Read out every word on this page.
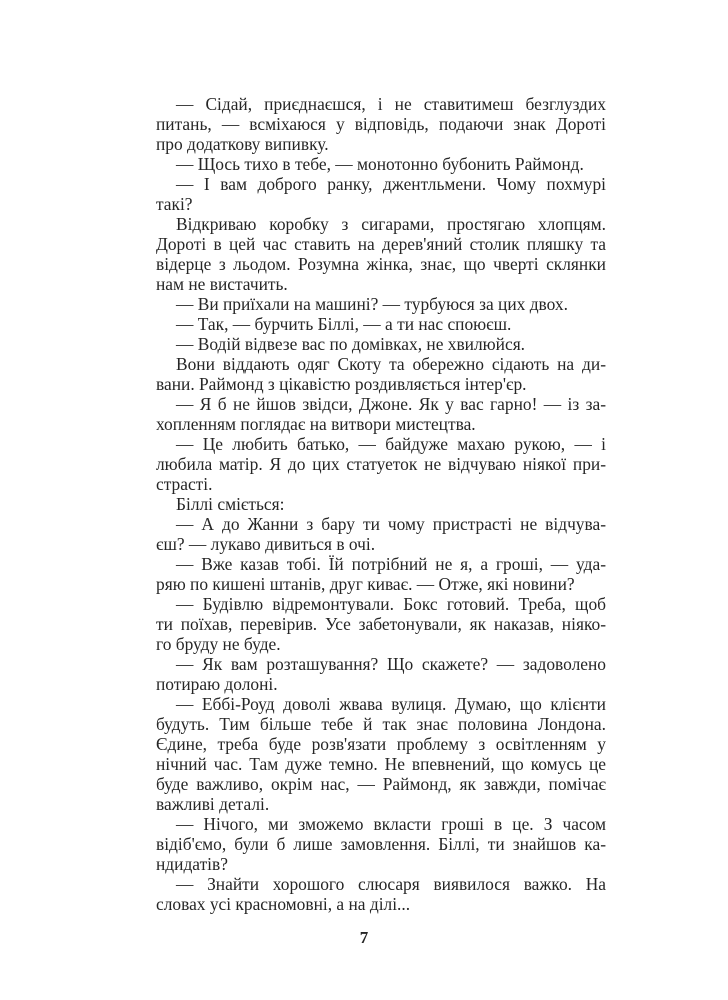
— Сідай, приєднаєшся, і не ставитимеш безглуздих
питань, — всміхаюся у відповідь, подаючи знак Дороті
про додаткову випивку.
— Щось тихо в тебе, — монотонно бубонить Раймонд.
— І вам доброго ранку, джентльмени. Чому похмурі
такі?
Відкриваю коробку з сигарами, простягаю хлопцям.
Дороті в цей час ставить на дерев'яний столик пляшку та
відерце з льодом. Розумна жінка, знає, що чверті склянки
нам не вистачить.
— Ви приїхали на машині? — турбуюся за цих двох.
— Так, — бурчить Біллі, — а ти нас споюєш.
— Водій відвезе вас по домівках, не хвилюйся.
Вони віддають одяг Скоту та обережно сідають на ди-
вани. Раймонд з цікавістю роздивляється інтер'єр.
— Я б не йшов звідси, Джоне. Як у вас гарно! — із за-
хопленням поглядає на витвори мистецтва.
— Це любить батько, — байдуже махаю рукою, — і
любила матір. Я до цих статуеток не відчуваю ніякої при-
страсті.
Біллі сміється:
— А до Жанни з бару ти чому пристрасті не відчува-
єш? — лукаво дивиться в очі.
— Вже казав тобі. Їй потрібний не я, а гроші, — уда-
ряю по кишені штанів, друг киває. — Отже, які новини?
— Будівлю відремонтували. Бокс готовий. Треба, щоб
ти поїхав, перевірив. Усе забетонували, як наказав, ніяко-
го бруду не буде.
— Як вам розташування? Що скажете? — задоволено
потираю долоні.
— Еббі-Роуд доволі жвава вулиця. Думаю, що клієнти
будуть. Тим більше тебе й так знає половина Лондона.
Єдине, треба буде розв'язати проблему з освітленням у
нічний час. Там дуже темно. Не впевнений, що комусь це
буде важливо, окрім нас, — Раймонд, як завжди, помічає
важливі деталі.
— Нічого, ми зможемо вкласти гроші в це. З часом
відіб'ємо, були б лише замовлення. Біллі, ти знайшов ка-
ндидатів?
— Знайти хорошого слюсаря виявилося важко. На
словах усі красномовні, а на ділі...
7
